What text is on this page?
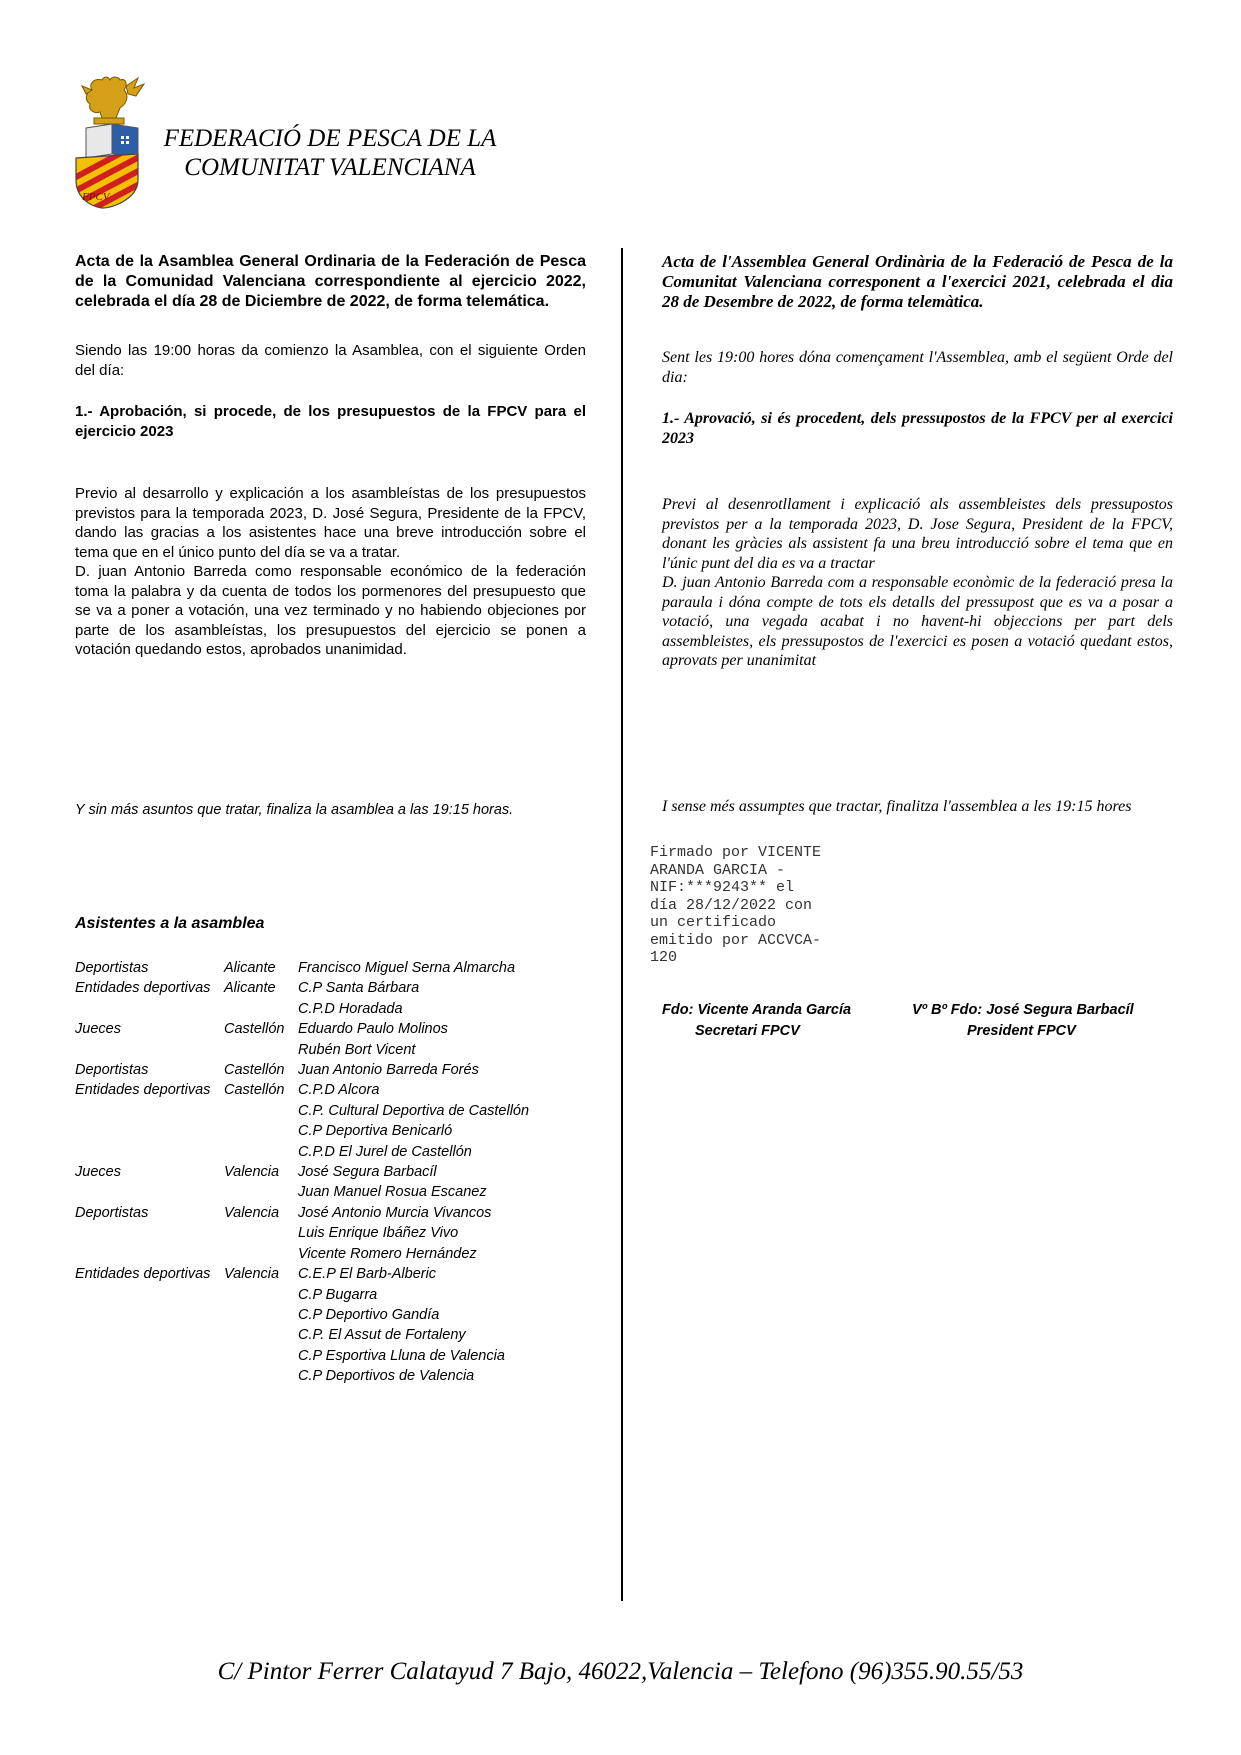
FPCV
FEDERACIÓ DE PESCA DE LA
COMUNITAT VALENCIANA

Acta de la Asamblea General Ordinaria de la Federación de Pesca de la Comunidad Valenciana correspondiente al ejercicio 2022, celebrada el día 28 de Diciembre de 2022, de forma telemática.

Siendo las 19:00 horas da comienzo la Asamblea, con el siguiente Orden del día:

1.- Aprobación, si procede, de los presupuestos de la FPCV para el ejercicio 2023

Previo al desarrollo y explicación a los asambleístas de los presupuestos previstos para la temporada 2023, D. José Segura, Presidente de la FPCV, dando las gracias a los asistentes hace una breve introducción sobre el tema que en el único punto del día se va a tratar.

D. juan Antonio Barreda como responsable económico de la federación toma la palabra y da cuenta de todos los pormenores del presupuesto que se va a poner a votación, una vez terminado y no habiendo objeciones por parte de los asambleístas, los presupuestos del ejercicio se ponen a votación quedando estos, aprobados unanimidad.

Acta de l'Assemblea General Ordinària de la Federació de Pesca de la Comunitat Valenciana corresponent a l'exercici 2021, celebrada el dia 28 de Desembre de 2022, de forma telemàtica.

Sent les 19:00 hores dóna començament l'Assemblea, amb el següent Orde del dia:

1.- Aprovació, si és procedent, dels pressupostos de la FPCV per al exercici 2023

Previ al desenrotllament i explicació als assembleistes dels pressupostos previstos per a la temporada 2023, D. Jose Segura, President de la FPCV, donant les gràcies als assistent fa una breu introducció sobre el tema que en l'únic punt del dia es va a tractar

D. juan Antonio Barreda com a responsable econòmic de la federació presa la paraula i dóna compte de tots els detalls del pressupost que es va a posar a votació, una vegada acabat i no havent-hi objeccions per part dels assembleistes, els pressupostos de l'exercici es posen a votació quedant estos, aprovats per unanimitat

Y sin más asuntos que tratar, finaliza la asamblea a las 19:15 horas.	I sense més assumptes que tractar, finalitza l'assemblea a les 19:15 hores
Firmado por VICENTE
ARANDA GARCIA -
NIF:***9243** el
día 28/12/2022 con
un certificado
emitido por ACCVCA-
120
Fdo: Vicente Aranda García
Secretari FPCV
Vº Bº Fdo: José Segura Barbacíl
President FPCV
Asistentes a la asamblea
Deportistas	Alicante	Francisco Miguel Serna Almarcha
Entidades deportivas	Alicante	C.P Santa Bárbara
		C.P.D Horadada
Jueces	Castellón	Eduardo Paulo Molinos
		Rubén Bort Vicent
Deportistas	Castellón	Juan Antonio Barreda Forés
Entidades deportivas	Castellón	C.P.D Alcora
		C.P. Cultural Deportiva de Castellón
		C.P Deportiva Benicarló
		C.P.D El Jurel de Castellón
Jueces	Valencia	José Segura Barbacíl
		Juan Manuel Rosua Escanez
Deportistas	Valencia	José Antonio Murcia Vivancos
		Luis Enrique Ibáñez Vivo
		Vicente Romero Hernández
Entidades deportivas	Valencia	C.E.P El Barb-Alberic
		C.P Bugarra
		C.P Deportivo Gandía
		C.P. El Assut de Fortaleny
		C.P Esportiva Lluna de Valencia
		C.P Deportivos de Valencia
C/ Pintor Ferrer Calatayud 7 Bajo, 46022,Valencia – Telefono (96)355.90.55/53
